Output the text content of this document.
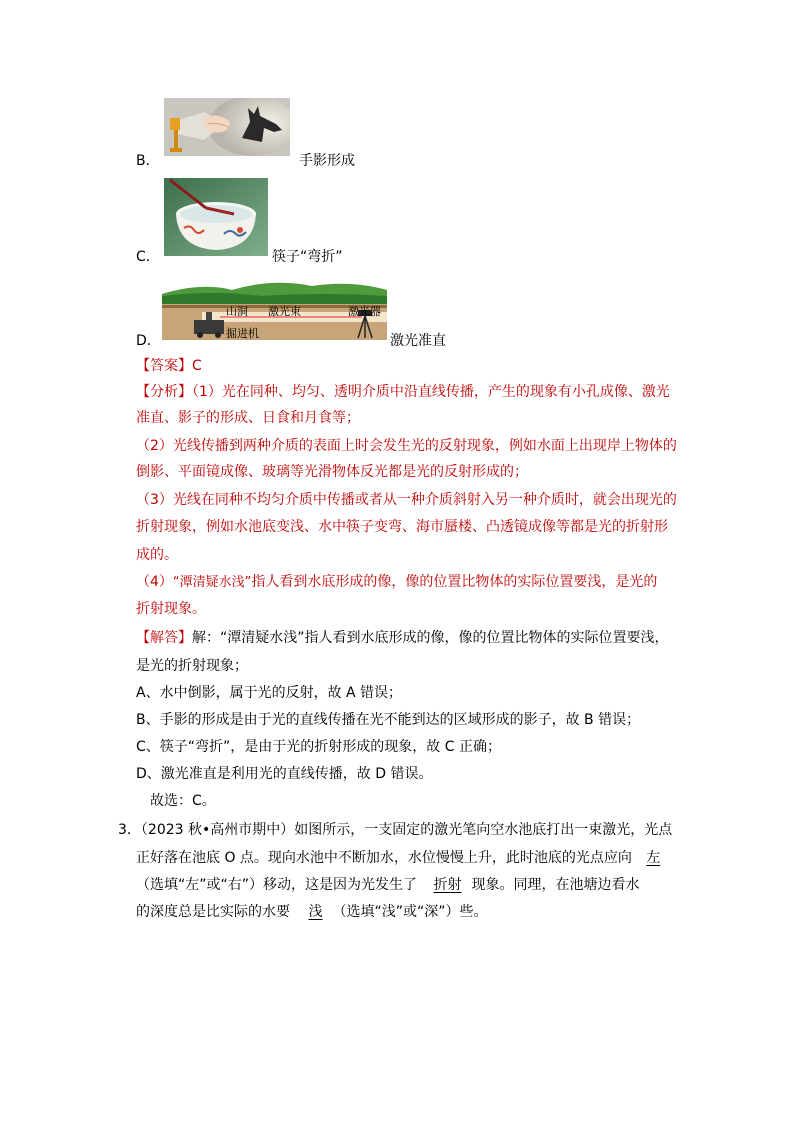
B．	手影形成
C．	筷子“弯折”
D．
山洞 激光束	激光器
掘进机	激光准直
【答案】C
【分析】（1）光在同种、均匀、透明介质中沿直线传播，产生的现象有小孔成像、激光
准直、影子的形成、日食和月食等；
（2）光线传播到两种介质的表面上时会发生光的反射现象，例如水面上出现岸上物体的
倒影、平面镜成像、玻璃等光滑物体反光都是光的反射形成的；
（3）光线在同种不均匀介质中传播或者从一种介质斜射入另一种介质时，就会出现光的
折射现象，例如水池底变浅、水中筷子变弯、海市蜃楼、凸透镜成像等都是光的折射形
成的。
（4）“潭清疑水浅”指人看到水底形成的像，像的位置比物体的实际位置要浅，是光的
折射现象。
【解答】解：“潭清疑水浅”指人看到水底形成的像，像的位置比物体的实际位置要浅，
是光的折射现象；
A、水中倒影，属于光的反射，故 A 错误；
B、手影的形成是由于光的直线传播在光不能到达的区域形成的影子，故 B 错误；
C、筷子“弯折”，是由于光的折射形成的现象，故 C 正确；
D、激光准直是利用光的直线传播，故 D 错误。
故选：C。
3．（2023 秋•高州市期中）如图所示，一支固定的激光笔向空水池底打出一束激光，光点
正好落在池底 O 点。现向水池中不断加水，水位慢慢上升，此时池底的光点应向 左
（选填“左”或“右”）移动，这是因为光发生了 折射 现象。同理，在池塘边看水
的深度总是比实际的水要 浅 （选填“浅”或“深”）些。
